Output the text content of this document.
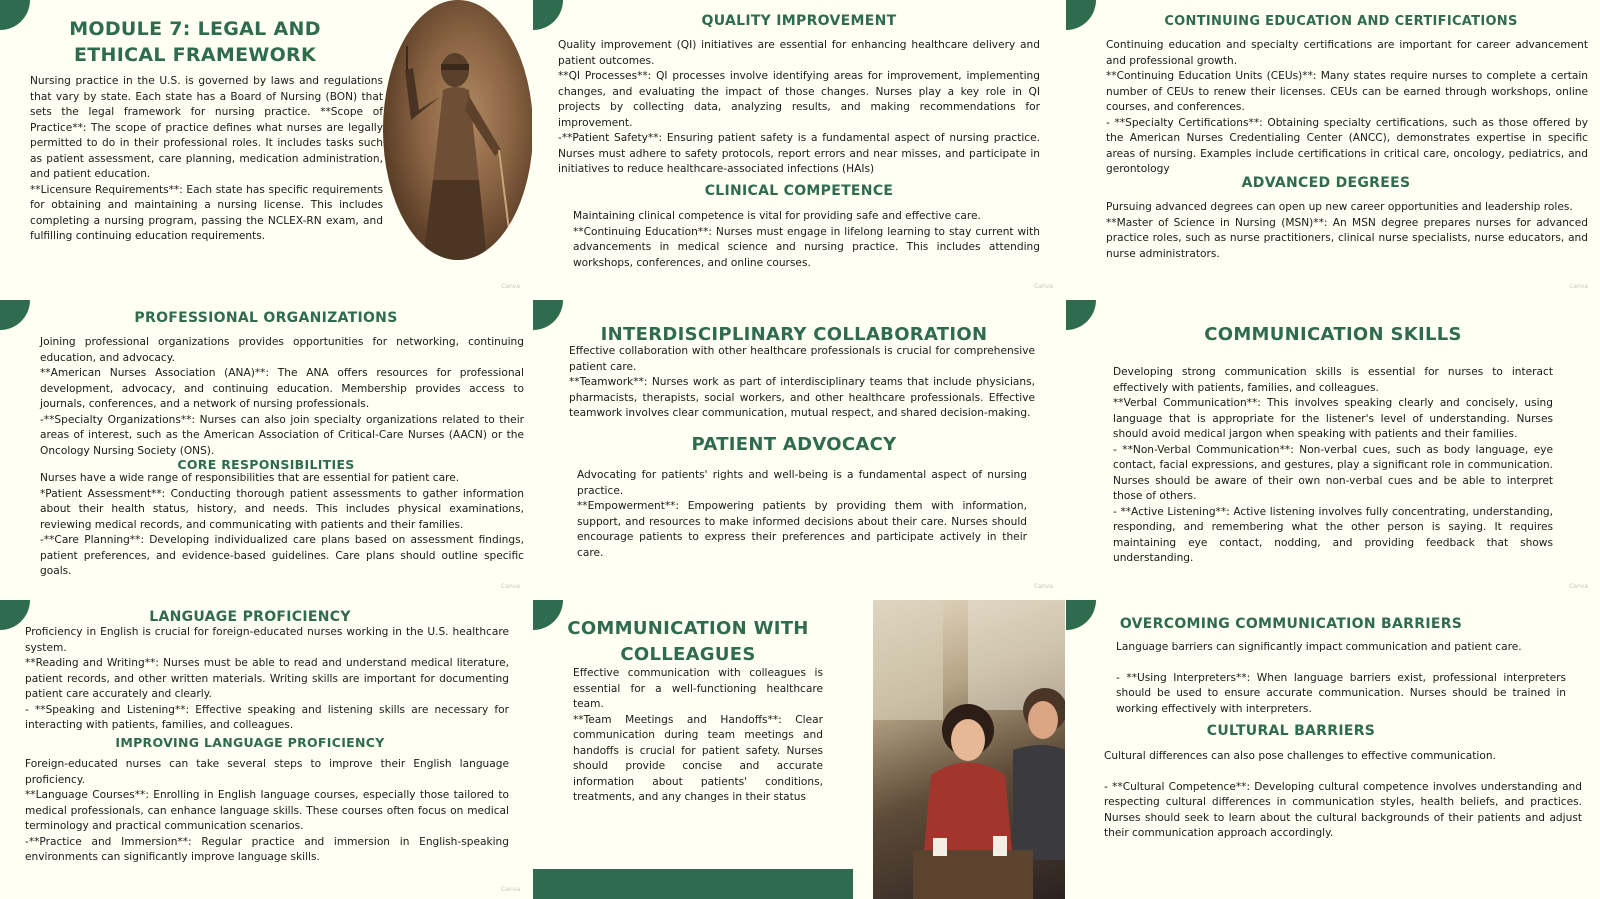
MODULE 7: LEGAL AND ETHICAL FRAMEWORK
Nursing practice in the U.S. is governed by laws and regulations that vary by state. Each state has a Board of Nursing (BON) that sets the legal framework for nursing practice. **Scope of Practice**: The scope of practice defines what nurses are legally permitted to do in their professional roles. It includes tasks such as patient assessment, care planning, medication administration, and patient education.
**Licensure Requirements**: Each state has specific requirements for obtaining and maintaining a nursing license. This includes completing a nursing program, passing the NCLEX-RN exam, and fulfilling continuing education requirements.
Canva
QUALITY IMPROVEMENT
Quality improvement (QI) initiatives are essential for enhancing healthcare delivery and patient outcomes.
**QI Processes**: QI processes involve identifying areas for improvement, implementing changes, and evaluating the impact of those changes. Nurses play a key role in QI projects by collecting data, analyzing results, and making recommendations for improvement.
-**Patient Safety**: Ensuring patient safety is a fundamental aspect of nursing practice. Nurses must adhere to safety protocols, report errors and near misses, and participate in initiatives to reduce healthcare-associated infections (HAIs)
CLINICAL COMPETENCE
Maintaining clinical competence is vital for providing safe and effective care.
**Continuing Education**: Nurses must engage in lifelong learning to stay current with advancements in medical science and nursing practice. This includes attending workshops, conferences, and online courses.
Canva
CONTINUING EDUCATION AND CERTIFICATIONS
Continuing education and specialty certifications are important for career advancement and professional growth.
**Continuing Education Units (CEUs)**: Many states require nurses to complete a certain number of CEUs to renew their licenses. CEUs can be earned through workshops, online courses, and conferences.
- **Specialty Certifications**: Obtaining specialty certifications, such as those offered by the American Nurses Credentialing Center (ANCC), demonstrates expertise in specific areas of nursing. Examples include certifications in critical care, oncology, pediatrics, and gerontology
ADVANCED DEGREES
Pursuing advanced degrees can open up new career opportunities and leadership roles.
**Master of Science in Nursing (MSN)**: An MSN degree prepares nurses for advanced practice roles, such as nurse practitioners, clinical nurse specialists, nurse educators, and nurse administrators.
Canva
PROFESSIONAL ORGANIZATIONS
Joining professional organizations provides opportunities for networking, continuing education, and advocacy.
**American Nurses Association (ANA)**: The ANA offers resources for professional development, advocacy, and continuing education. Membership provides access to journals, conferences, and a network of nursing professionals.
-**Specialty Organizations**: Nurses can also join specialty organizations related to their areas of interest, such as the American Association of Critical-Care Nurses (AACN) or the Oncology Nursing Society (ONS).
CORE RESPONSIBILITIES
Nurses have a wide range of responsibilities that are essential for patient care.
*Patient Assessment**: Conducting thorough patient assessments to gather information about their health status, history, and needs. This includes physical examinations, reviewing medical records, and communicating with patients and their families.
-**Care Planning**: Developing individualized care plans based on assessment findings, patient preferences, and evidence-based guidelines. Care plans should outline specific goals.
Canva
INTERDISCIPLINARY COLLABORATION
Effective collaboration with other healthcare professionals is crucial for comprehensive patient care.
**Teamwork**: Nurses work as part of interdisciplinary teams that include physicians, pharmacists, therapists, social workers, and other healthcare professionals. Effective teamwork involves clear communication, mutual respect, and shared decision-making.
PATIENT ADVOCACY
Advocating for patients' rights and well-being is a fundamental aspect of nursing practice.
**Empowerment**: Empowering patients by providing them with information, support, and resources to make informed decisions about their care. Nurses should encourage patients to express their preferences and participate actively in their care.
Canva
COMMUNICATION SKILLS
Developing strong communication skills is essential for nurses to interact effectively with patients, families, and colleagues.
**Verbal Communication**: This involves speaking clearly and concisely, using language that is appropriate for the listener's level of understanding. Nurses should avoid medical jargon when speaking with patients and their families.
- **Non-Verbal Communication**: Non-verbal cues, such as body language, eye contact, facial expressions, and gestures, play a significant role in communication. Nurses should be aware of their own non-verbal cues and be able to interpret those of others.
- **Active Listening**: Active listening involves fully concentrating, understanding, responding, and remembering what the other person is saying. It requires maintaining eye contact, nodding, and providing feedback that shows understanding.
Canva
LANGUAGE PROFICIENCY
Proficiency in English is crucial for foreign-educated nurses working in the U.S. healthcare system.
**Reading and Writing**: Nurses must be able to read and understand medical literature, patient records, and other written materials. Writing skills are important for documenting patient care accurately and clearly.
- **Speaking and Listening**: Effective speaking and listening skills are necessary for interacting with patients, families, and colleagues.
IMPROVING LANGUAGE PROFICIENCY
Foreign-educated nurses can take several steps to improve their English language proficiency.
**Language Courses**: Enrolling in English language courses, especially those tailored to medical professionals, can enhance language skills. These courses often focus on medical terminology and practical communication scenarios.
-**Practice and Immersion**: Regular practice and immersion in English-speaking environments can significantly improve language skills.
Canva
COMMUNICATION WITH COLLEAGUES
Effective communication with colleagues is essential for a well-functioning healthcare team.
**Team Meetings and Handoffs**: Clear communication during team meetings and handoffs is crucial for patient safety. Nurses should provide concise and accurate information about patients' conditions, treatments, and any changes in their status
OVERCOMING COMMUNICATION BARRIERS
Language barriers can significantly impact communication and patient care.
- **Using Interpreters**: When language barriers exist, professional interpreters should be used to ensure accurate communication. Nurses should be trained in working effectively with interpreters.
CULTURAL BARRIERS
Cultural differences can also pose challenges to effective communication.
- **Cultural Competence**: Developing cultural competence involves understanding and respecting cultural differences in communication styles, health beliefs, and practices. Nurses should seek to learn about the cultural backgrounds of their patients and adjust their communication approach accordingly.
